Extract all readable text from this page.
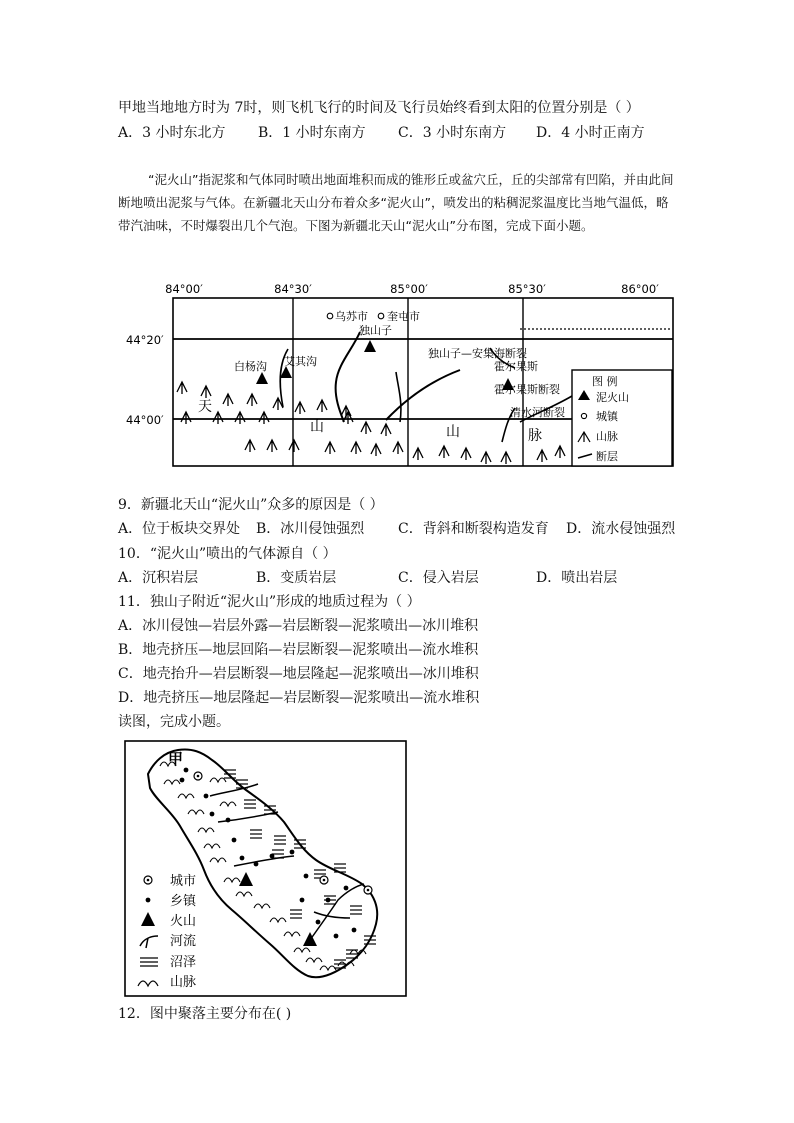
甲地当地地方时为 7时，则飞机飞行的时间及飞行员始终看到太阳的位置分别是（ ）
A．3 小时东北方 B．1 小时东南方 C．3 小时东南方 D．4 小时正南方

“泥火山”指泥浆和气体同时喷出地面堆积而成的锥形丘或盆穴丘，丘的尖部常有凹陷，并由此间断地喷出泥浆与气体。在新疆北天山分布着众多“泥火山”，喷发出的粘稠泥浆温度比当地气温低，略带汽油味，不时爆裂出几个气泡。下图为新疆北天山“泥火山”分布图，完成下面小题。

84°00′	84°30′	85°00′	85°30′	86°00′
44°20′
44°00′
乌苏市 奎屯市
独山子
白杨沟 艾其沟
独山子—安集海断裂
霍尔果斯
霍尔果斯断裂
清水河断裂
天
山	山	脉
图 例
泥火山
城镇
山脉
断层
9．新疆北天山“泥火山”众多的原因是（ ）
A．位于板块交界处 B．冰川侵蚀强烈 C．背斜和断裂构造发育 D．流水侵蚀强烈
10．“泥火山”喷出的气体源自（ ）
A．沉积岩层	B．变质岩层	C．侵入岩层	D．喷出岩层
11．独山子附近“泥火山”形成的地质过程为（ ）
A．冰川侵蚀—岩层外露—岩层断裂—泥浆喷出—冰川堆积
B．地壳挤压—地层回陷—岩层断裂—泥浆喷出—流水堆积
C．地壳抬升—岩层断裂—地层隆起—泥浆喷出—冰川堆积
D．地壳挤压—地层隆起—岩层断裂—泥浆喷出—流水堆积
读图，完成小题。
甲
城市
乡镇
火山
河流
沼泽
山脉
12．图中聚落主要分布在( )
